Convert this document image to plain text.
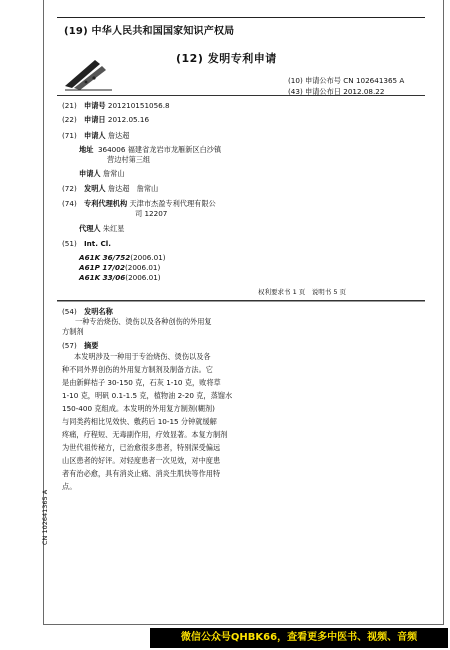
(19) 中华人民共和国国家知识产权局
(12) 发明专利申请
(10) 申请公布号 CN 102641365 A
(43) 申请公布日 2012.08.22
(21) 申请号 201210151056.8
(22) 申请日 2012.05.16
(71) 申请人 詹达超
地址 364006 福建省龙岩市龙雁新区白沙镇
营边村第三组
申请人 詹常山
(72) 发明人 詹达超　詹常山
(74) 专利代理机构 天津市杰盈专利代理有限公
司 12207
代理人 朱红星
(51) Int. Cl.
A61K 36/752(2006.01)
A61P 17/02(2006.01)
A61K 33/06(2006.01)
权利要求书 1 页　说明书 5 页
(54) 发明名称
一种专治烧伤、烫伤以及各种创伤的外用复
方制剂
(57) 摘要
本发明涉及一种用于专治烧伤、烫伤以及各
种不同外界创伤的外用复方制剂及制备方法。它
是由新鲜桔子 30-150 克，石灰 1-10 克，败将草
1-10 克，明矾 0.1-1.5 克，植物油 2-20 克，蒸馏水
150-400 克组成。本发明的外用复方制剂(糊剂)
与同类药相比见效快、敷药后 10-15 分钟就缓解
疼痛，疗程短、无毒副作用，疗效显著。本复方制剂
为世代祖传秘方，已治愈很多患者，特别深受偏远
山区患者的好评。对轻度患者一次见效，对中度患
者有治必愈，具有消炎止痛、消炎生肌快等作用特
点。
CN 102641365 A
微信公众号QHBK66，查看更多中医书、视频、音频
